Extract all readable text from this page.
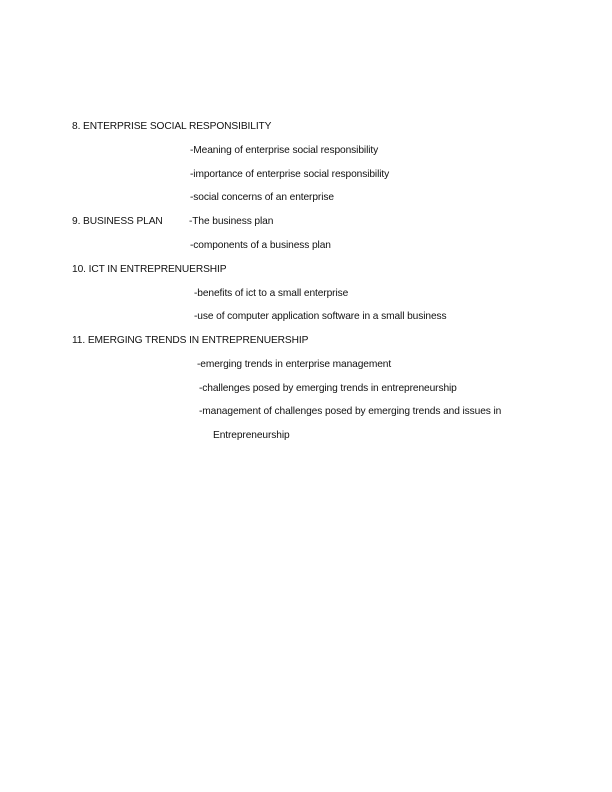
8. ENTERPRISE SOCIAL RESPONSIBILITY
-Meaning of enterprise social responsibility
-importance of enterprise social responsibility
-social concerns of an enterprise
9. BUSINESS PLAN	-The business plan
-components of a business plan
10. ICT IN ENTREPRENUERSHIP
-benefits of ict to a small enterprise
-use of computer application software in a small business
11. EMERGING TRENDS IN ENTREPRENUERSHIP
-emerging trends in enterprise management
-challenges posed by emerging trends in entrepreneurship
-management of challenges posed by emerging trends and issues in
Entrepreneurship
